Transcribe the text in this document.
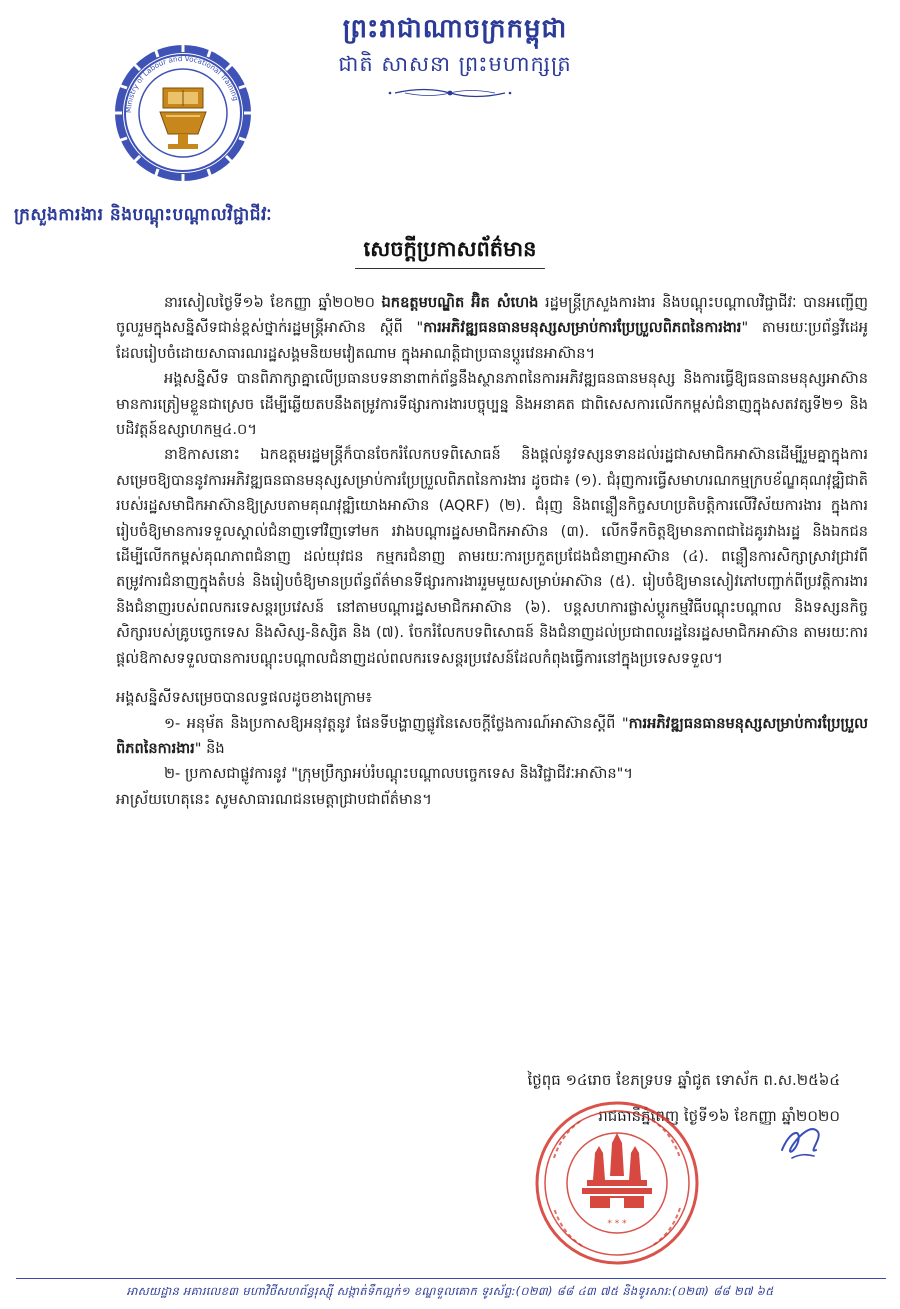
ព្រះរាជាណាចក្រកម្ពុជា
ជាតិ សាសនា ព្រះមហាក្សត្រ
Ministry of Labour and Vocational Training
ក្រសួងការងារ និងបណ្តុះបណ្តាលវិជ្ជាជីវៈ
សេចក្តីប្រកាសព័ត៌មាន

នារសៀលថ្ងៃទី១៦ ខែកញ្ញា ឆ្នាំ២០២០ ឯកឧត្តមបណ្ឌិត អ៊ិត សំហេង រដ្ឋមន្ត្រីក្រសួងការងារ និងបណ្តុះបណ្តាលវិជ្ជាជីវៈ បានអញ្ជើញចូលរួមក្នុងសន្និសីទជាន់ខ្ពស់ថ្នាក់រដ្ឋមន្ត្រីអាស៊ាន ស្តីពី "ការអភិវឌ្ឍធនធានមនុស្សសម្រាប់ការប្រែប្រួលពិភពនៃការងារ" តាមរយៈប្រព័ន្ធវីដេអូ ដែលរៀបចំដោយសាធារណរដ្ឋសង្គមនិយមវៀតណាម ក្នុងអាណត្តិជាប្រធានប្តូរវេនអាស៊ាន។

អង្គសន្និសីទ បានពិភាក្សាគ្នាលើប្រធានបទនានាពាក់ព័ន្ធនឹងស្ថានភាពនៃការអភិវឌ្ឍធនធានមនុស្ស និងការធ្វើឱ្យធនធានមនុស្សអាស៊ានមានការត្រៀមខ្លួនជាស្រេច ដើម្បីឆ្លើយតបនឹងតម្រូវការទីផ្សារការងារបច្ចុប្បន្ន និងអនាគត ជាពិសេសការលើកកម្ពស់ជំនាញក្នុងសតវត្សទី២១ និងបដិវត្តន៍ឧស្សាហកម្ម៤.០។

នាឱកាសនោះ ឯកឧត្តមរដ្ឋមន្ត្រីក៏បានចែករំលែកបទពិសោធន៍ និងផ្តល់នូវទស្សនទានដល់រដ្ឋជាសមាជិកអាស៊ានដើម្បីរួមគ្នាក្នុងការសម្រេចឱ្យបាននូវការអភិវឌ្ឍធនធានមនុស្សសម្រាប់ការប្រែប្រួលពិភពនៃការងារ ដូចជា៖ (១). ជំរុញការធ្វើសមាហរណកម្មក្របខ័ណ្ឌគុណវុឌ្ឍិជាតិរបស់រដ្ឋសមាជិកអាស៊ានឱ្យស្របតាមគុណវុឌ្ឍិយោងអាស៊ាន (AQRF) (២). ជំរុញ និងពន្លឿនកិច្ចសហប្រតិបត្តិការលើវិស័យការងារ ក្នុងការរៀបចំឱ្យមានការទទួលស្គាល់ជំនាញទៅវិញទៅមក រវាងបណ្តារដ្ឋសមាជិកអាស៊ាន (៣). លើកទឹកចិត្តឱ្យមានភាពជាដៃគូរវាងរដ្ឋ និងឯកជន ដើម្បីលើកកម្ពស់គុណភាពជំនាញ ដល់យុវជន កម្មករជំនាញ តាមរយៈការប្រកួតប្រជែងជំនាញអាស៊ាន (៤). ពន្លឿនការសិក្សាស្រាវជ្រាវពីតម្រូវការជំនាញក្នុងតំបន់ និងរៀបចំឱ្យមានប្រព័ន្ធព័ត៌មានទីផ្សារការងាររួមមួយសម្រាប់អាស៊ាន (៥). រៀបចំឱ្យមានសៀវភៅបញ្ជាក់ពីប្រវត្តិការងារ និងជំនាញរបស់ពលករទេសន្តរប្រវេសន៍ នៅតាមបណ្តារដ្ឋសមាជិកអាស៊ាន (៦). បន្តសហការផ្លាស់ប្តូរកម្មវិធីបណ្តុះបណ្តាល និងទស្សនកិច្ចសិក្សារបស់គ្រូបច្ចេកទេស និងសិស្ស-និស្សិត និង (៧). ចែករំលែកបទពិសោធន៍ និងជំនាញដល់ប្រជាពលរដ្ឋនៃរដ្ឋសមាជិកអាស៊ាន តាមរយៈការផ្តល់ឱកាសទទួលបានការបណ្តុះបណ្តាលជំនាញដល់ពលករទេសន្តរប្រវេសន៍ដែលកំពុងធ្វើការនៅក្នុងប្រទេសទទួល។

អង្គសន្និសីទសម្រេចបានលទ្ធផលដូចខាងក្រោម៖

១- អនុម័ត និងប្រកាសឱ្យអនុវត្តនូវ ផែនទីបង្ហាញផ្លូវនៃសេចក្តីថ្លែងការណ៍អាស៊ានស្តីពី "ការអភិវឌ្ឍធនធានមនុស្សសម្រាប់ការប្រែប្រួលពិភពនៃការងារ" និង

២- ប្រកាសជាផ្លូវការនូវ "ក្រុមប្រឹក្សាអប់រំបណ្តុះបណ្តាលបច្ចេកទេស និងវិជ្ជាជីវៈអាស៊ាន"។

អាស្រ័យហេតុនេះ សូមសាធារណជនមេត្តាជ្រាបជាព័ត៌មាន។

ថ្ងៃពុធ ១៤រោច ខែភទ្របទ ឆ្នាំជូត ទោស័ក ព.ស.២៥៦៤
រាជធានីភ្នំពេញ ថ្ងៃទី១៦ ខែកញ្ញា ឆ្នាំ២០២០
* * *
អាសយដ្ឋាន អគារលេខ៣ មហាវិថីសហព័ន្ធរុស្ស៊ី សង្កាត់ទឹកល្អក់១ ខណ្ឌទួលគោក ទូរស័ព្ទ:(០២៣) ៨៨ ៤៣ ៧៥ និងទូរសារ:(០២៣) ៨៨ ២៧ ៦៥
